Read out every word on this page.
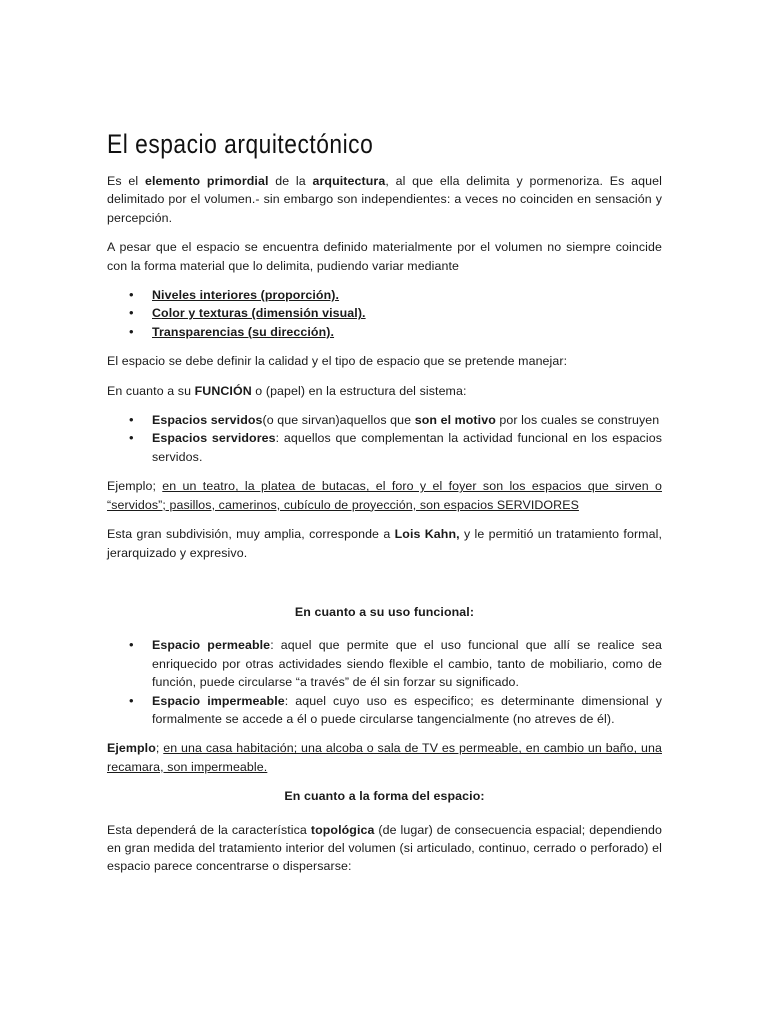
El espacio arquitectónico

Es el elemento primordial de la arquitectura, al que ella delimita y pormenoriza. Es aquel delimitado por el volumen.- sin embargo son independientes: a veces no coinciden en sensación y percepción.

A pesar que el espacio se encuentra definido materialmente por el volumen no siempre coincide con la forma material que lo delimita, pudiendo variar mediante

• Niveles interiores (proporción).
• Color y texturas (dimensión visual).
• Transparencias (su dirección).

El espacio se debe definir la calidad y el tipo de espacio que se pretende manejar:

En cuanto a su FUNCIÓN o (papel) en la estructura del sistema:

• Espacios servidos(o que sirvan)aquellos que son el motivo por los cuales se construyen
• Espacios servidores: aquellos que complementan la actividad funcional en los espacios servidos.

Ejemplo; en un teatro, la platea de butacas, el foro y el foyer son los espacios que sirven o “servidos”; pasillos, camerinos, cubículo de proyección, son espacios SERVIDORES

Esta gran subdivisión, muy amplia, corresponde a Lois Kahn, y le permitió un tratamiento formal, jerarquizado y expresivo.

En cuanto a su uso funcional:

• Espacio permeable: aquel que permite que el uso funcional que allí se realice sea enriquecido por otras actividades siendo flexible el cambio, tanto de mobiliario, como de función, puede circularse “a través” de él sin forzar su significado.
• Espacio impermeable: aquel cuyo uso es especifico; es determinante dimensional y formalmente se accede a él o puede circularse tangencialmente (no atreves de él).

Ejemplo; en una casa habitación; una alcoba o sala de TV es permeable, en cambio un baño, una recamara, son impermeable.

En cuanto a la forma del espacio:

Esta dependerá de la característica topológica (de lugar) de consecuencia espacial; dependiendo en gran medida del tratamiento interior del volumen (si articulado, continuo, cerrado o perforado) el espacio parece concentrarse o dispersarse:
